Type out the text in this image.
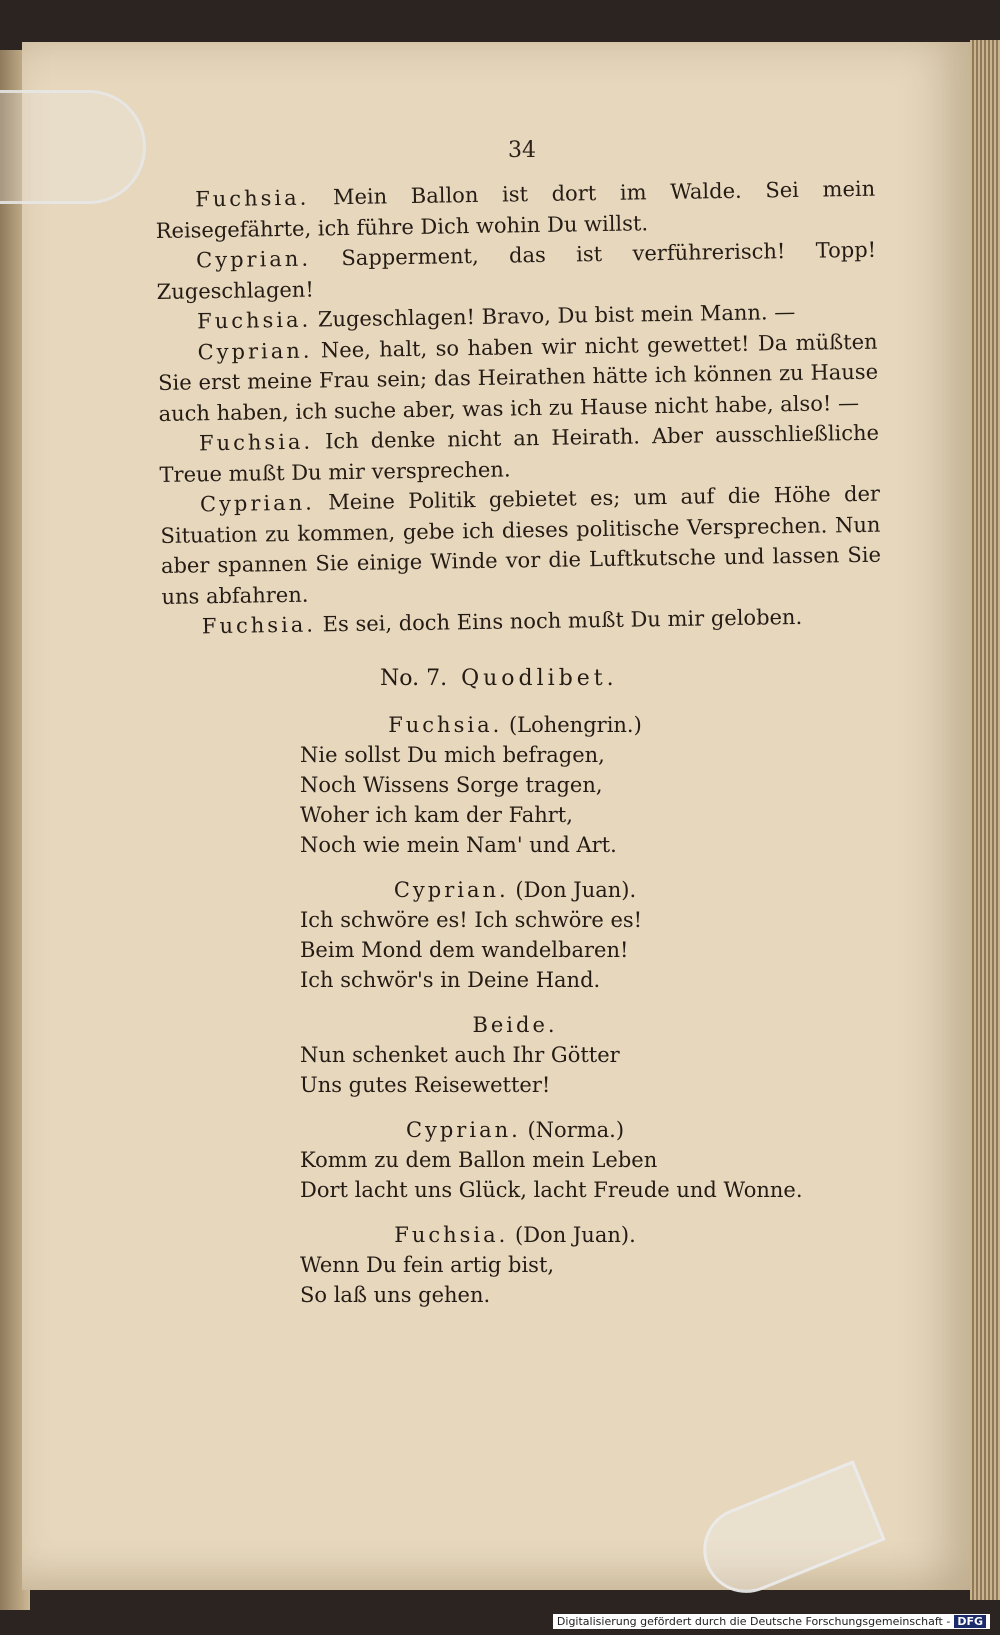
34

Fuchsia. Mein Ballon ist dort im Walde. Sei mein Reisegefährte, ich führe Dich wohin Du willst.

Cyprian. Sapperment, das ist verführerisch! Topp! Zugeschlagen!

Fuchsia. Zugeschlagen! Bravo, Du bist mein Mann. —

Cyprian. Nee, halt, so haben wir nicht gewettet! Da müßten Sie erst meine Frau sein; das Heirathen hätte ich können zu Hause auch haben, ich suche aber, was ich zu Hause nicht habe, also! —

Fuchsia. Ich denke nicht an Heirath. Aber ausschließliche Treue mußt Du mir versprechen.

Cyprian. Meine Politik gebietet es; um auf die Höhe der Situation zu kommen, gebe ich dieses politische Versprechen. Nun aber spannen Sie einige Winde vor die Luftkutsche und lassen Sie uns abfahren.

Fuchsia. Es sei, doch Eins noch mußt Du mir geloben.

No. 7. Quodlibet.
Fuchsia. (Lohengrin.)
Nie sollst Du mich befragen,
Noch Wissens Sorge tragen,
Woher ich kam der Fahrt,
Noch wie mein Nam' und Art.
Cyprian. (Don Juan).
Ich schwöre es! Ich schwöre es!
Beim Mond dem wandelbaren!
Ich schwör's in Deine Hand.
Beide.
Nun schenket auch Ihr Götter
Uns gutes Reisewetter!
Cyprian. (Norma.)
Komm zu dem Ballon mein Leben
Dort lacht uns Glück, lacht Freude und Wonne.
Fuchsia. (Don Juan).
Wenn Du fein artig bist,
So laß uns gehen.
Digitalisierung gefördert durch die Deutsche Forschungsgemeinschaft - DFG
